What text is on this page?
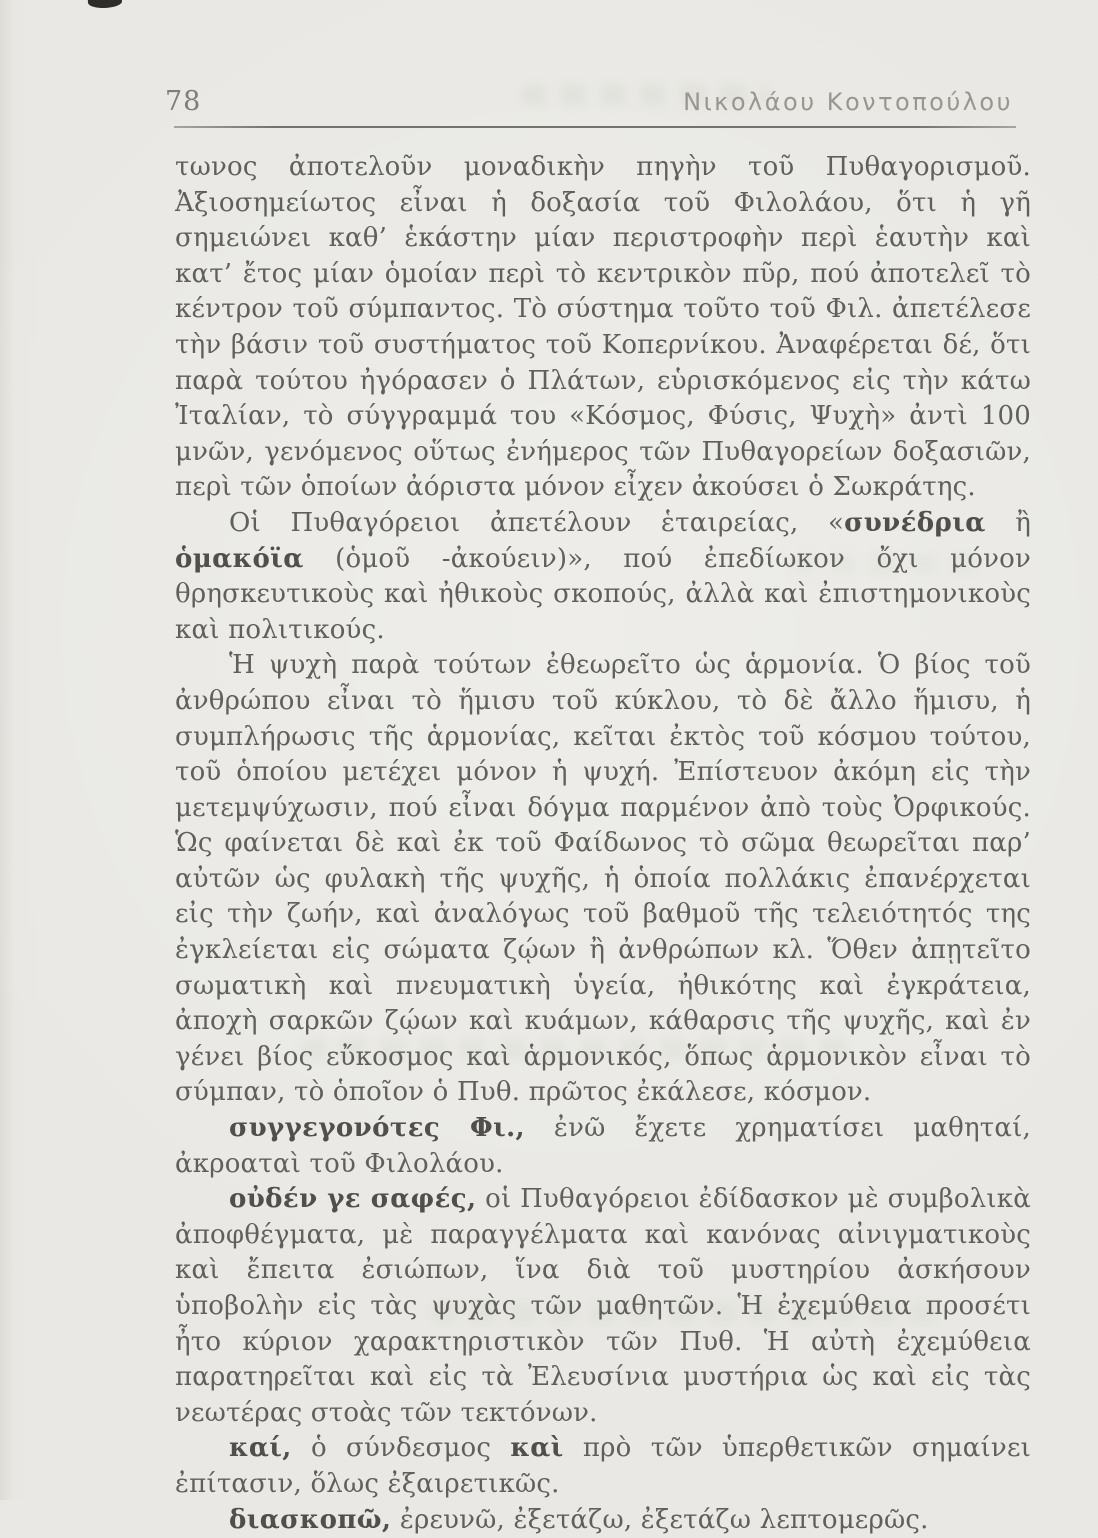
78	Νικολάου Κοντοπούλου

τωνος ἀποτελοῦν μοναδικὴν πηγὴν τοῦ Πυθαγορισμοῦ. Ἀξιοσημείωτος εἶναι ἡ δοξασία τοῦ Φιλολάου, ὅτι ἡ γῆ σημειώνει καθ’ ἑκάστην μίαν περιστροφὴν περὶ ἑαυτὴν καὶ κατ’ ἔτος μίαν ὁμοίαν περὶ τὸ κεντρικὸν πῦρ, πού ἀποτελεῖ τὸ κέντρον τοῦ σύμπαντος. Τὸ σύστημα τοῦτο τοῦ Φιλ. ἀπετέλεσε τὴν βάσιν τοῦ συστήματος τοῦ Κοπερνίκου. Ἀναφέρεται δέ, ὅτι παρὰ τούτου ἠγόρασεν ὁ Πλάτων, εὑρισκόμενος εἰς τὴν κάτω Ἰταλίαν, τὸ σύγγραμμά του «Κόσμος, Φύσις, Ψυχὴ» ἀντὶ 100 μνῶν, γενόμενος οὕτως ἐνήμερος τῶν Πυθαγορείων δοξασιῶν, περὶ τῶν ὁποίων ἀόριστα μόνον εἶχεν ἀκούσει ὁ Σωκράτης.

Οἱ Πυθαγόρειοι ἀπετέλουν ἑταιρείας, «συνέδρια ἢ ὁμακόϊα (ὁμοῦ -ἀκούειν)», πού ἐπεδίωκον ὄχι μόνον θρησκευτικοὺς καὶ ἠθικοὺς σκοπούς, ἀλλὰ καὶ ἐπιστημονικοὺς καὶ πολιτικούς.

Ἡ ψυχὴ παρὰ τούτων ἐθεωρεῖτο ὡς ἁρμονία. Ὁ βίος τοῦ ἀνθρώπου εἶναι τὸ ἥμισυ τοῦ κύκλου, τὸ δὲ ἄλλο ἥμισυ, ἡ συμπλήρωσις τῆς ἁρμονίας, κεῖται ἐκτὸς τοῦ κόσμου τούτου, τοῦ ὁποίου μετέχει μόνον ἡ ψυχή. Ἐπίστευον ἀκόμη εἰς τὴν μετεμψύχωσιν, πού εἶναι δόγμα παρμένον ἀπὸ τοὺς Ὀρφικούς. Ὡς φαίνεται δὲ καὶ ἐκ τοῦ Φαίδωνος τὸ σῶμα θεωρεῖται παρ’ αὐτῶν ὡς φυλακὴ τῆς ψυχῆς, ἡ ὁποία πολλάκις ἐπανέρχεται εἰς τὴν ζωήν, καὶ ἀναλόγως τοῦ βαθμοῦ τῆς τελειότητός της ἐγκλείεται εἰς σώματα ζῴων ἢ ἀνθρώπων κλ. Ὅθεν ἀπῃτεῖτο σωματικὴ καὶ πνευματικὴ ὑγεία, ἠθικότης καὶ ἐγκράτεια, ἀποχὴ σαρκῶν ζῴων καὶ κυάμων, κάθαρσις τῆς ψυχῆς, καὶ ἐν γένει βίος εὔκοσμος καὶ ἁρμονικός, ὅπως ἁρμονικὸν εἶναι τὸ σύμπαν, τὸ ὁποῖον ὁ Πυθ. πρῶτος ἐκάλεσε, κόσμον.

συγγεγονότες Φι., ἐνῶ ἔχετε χρηματίσει μαθηταί, ἀκροαταὶ τοῦ Φιλολάου.

οὐδέν γε σαφές, οἱ Πυθαγόρειοι ἐδίδασκον μὲ συμβολικὰ ἀποφθέγματα, μὲ παραγγέλματα καὶ κανόνας αἰνιγματικοὺς καὶ ἔπειτα ἐσιώπων, ἵνα διὰ τοῦ μυστηρίου ἀσκήσουν ὑποβολὴν εἰς τὰς ψυχὰς τῶν μαθητῶν. Ἡ ἐχεμύθεια προσέτι ἦτο κύριον χαρακτηριστικὸν τῶν Πυθ. Ἡ αὐτὴ ἐχεμύθεια παρατηρεῖται καὶ εἰς τὰ Ἐλευσίνια μυστήρια ὡς καὶ εἰς τὰς νεωτέρας στοὰς τῶν τεκτόνων.

καί, ὁ σύνδεσμος καὶ πρὸ τῶν ὑπερθετικῶν σημαίνει ἐπίτασιν, ὅλως ἐξαιρετικῶς.

διασκοπῶ, ἐρευνῶ, ἐξετάζω, ἐξετάζω λεπτομερῶς.
